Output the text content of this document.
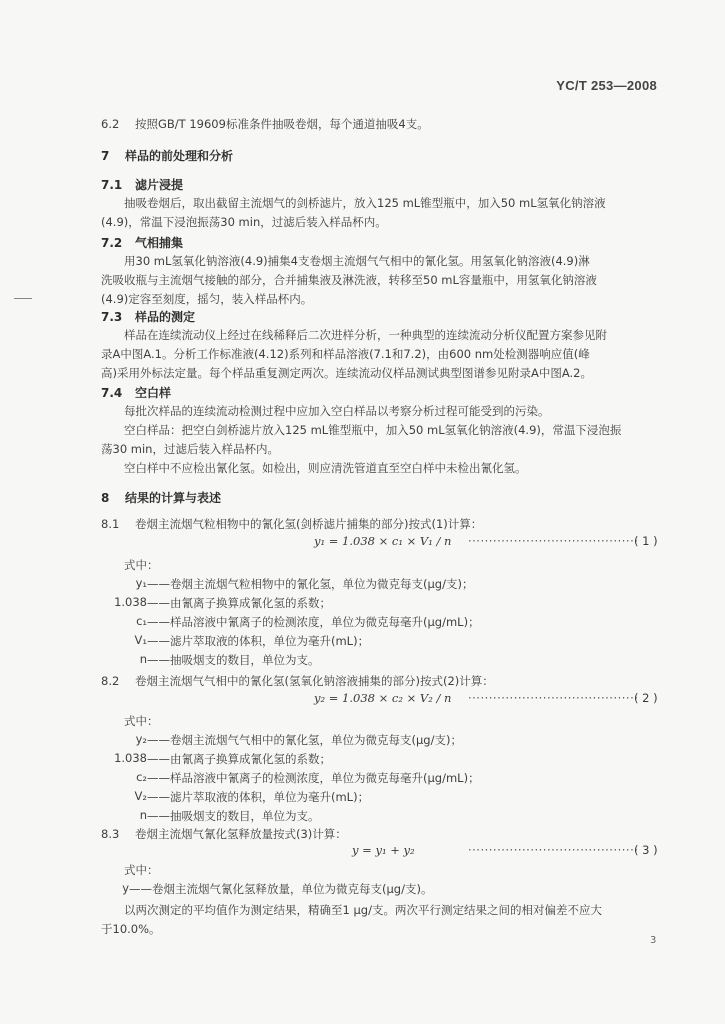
YC/T 253—2008
6.2 按照GB/T 19609标准条件抽吸卷烟，每个通道抽吸4支。
7 样品的前处理和分析
7.1 滤片浸提
抽吸卷烟后，取出截留主流烟气的剑桥滤片，放入125 mL锥型瓶中，加入50 mL氢氧化钠溶液
(4.9)，常温下浸泡振荡30 min，过滤后装入样品杯内。
7.2 气相捕集
用30 mL氢氧化钠溶液(4.9)捕集4支卷烟主流烟气气相中的氰化氢。用氢氧化钠溶液(4.9)淋
洗吸收瓶与主流烟气接触的部分，合并捕集液及淋洗液，转移至50 mL容量瓶中，用氢氧化钠溶液
(4.9)定容至刻度，摇匀，装入样品杯内。
7.3 样品的测定
样品在连续流动仪上经过在线稀释后二次进样分析，一种典型的连续流动分析仪配置方案参见附
录A中图A.1。分析工作标准液(4.12)系列和样品溶液(7.1和7.2)，由600 nm处检测器响应值(峰
高)采用外标法定量。每个样品重复测定两次。连续流动仪样品测试典型图谱参见附录A中图A.2。
7.4 空白样
每批次样品的连续流动检测过程中应加入空白样品以考察分析过程可能受到的污染。
空白样品：把空白剑桥滤片放入125 mL锥型瓶中，加入50 mL氢氧化钠溶液(4.9)，常温下浸泡振
荡30 min，过滤后装入样品杯内。
空白样中不应检出氰化氢。如检出，则应清洗管道直至空白样中未检出氰化氢。
8 结果的计算与表述
8.1 卷烟主流烟气粒相物中的氰化氢(剑桥滤片捕集的部分)按式(1)计算：
y₁ = 1.038 × c₁ × V₁ / n ·········································
( 1 )
式中：
y₁ ——卷烟主流烟气粒相物中的氰化氢，单位为微克每支(μg/支)；
1.038 ——由氰离子换算成氰化氢的系数；
c₁ ——样品溶液中氰离子的检测浓度，单位为微克每毫升(μg/mL)；
V₁ ——滤片萃取液的体积，单位为毫升(mL)；
n ——抽吸烟支的数目，单位为支。
8.2 卷烟主流烟气气相中的氰化氢(氢氧化钠溶液捕集的部分)按式(2)计算：
y₂ = 1.038 × c₂ × V₂ / n ·········································
( 2 )
式中：
y₂ ——卷烟主流烟气气相中的氰化氢，单位为微克每支(μg/支)；
1.038 ——由氰离子换算成氰化氢的系数；
c₂ ——样品溶液中氰离子的检测浓度，单位为微克每毫升(μg/mL)；
V₂ ——滤片萃取液的体积，单位为毫升(mL)；
n ——抽吸烟支的数目，单位为支。
8.3 卷烟主流烟气氰化氢释放量按式(3)计算：
y = y₁ + y₂	·········································
( 3 )
式中：
y ——卷烟主流烟气氰化氢释放量，单位为微克每支(μg/支)。
以两次测定的平均值作为测定结果，精确至1 μg/支。两次平行测定结果之间的相对偏差不应大
于10.0%。
3
